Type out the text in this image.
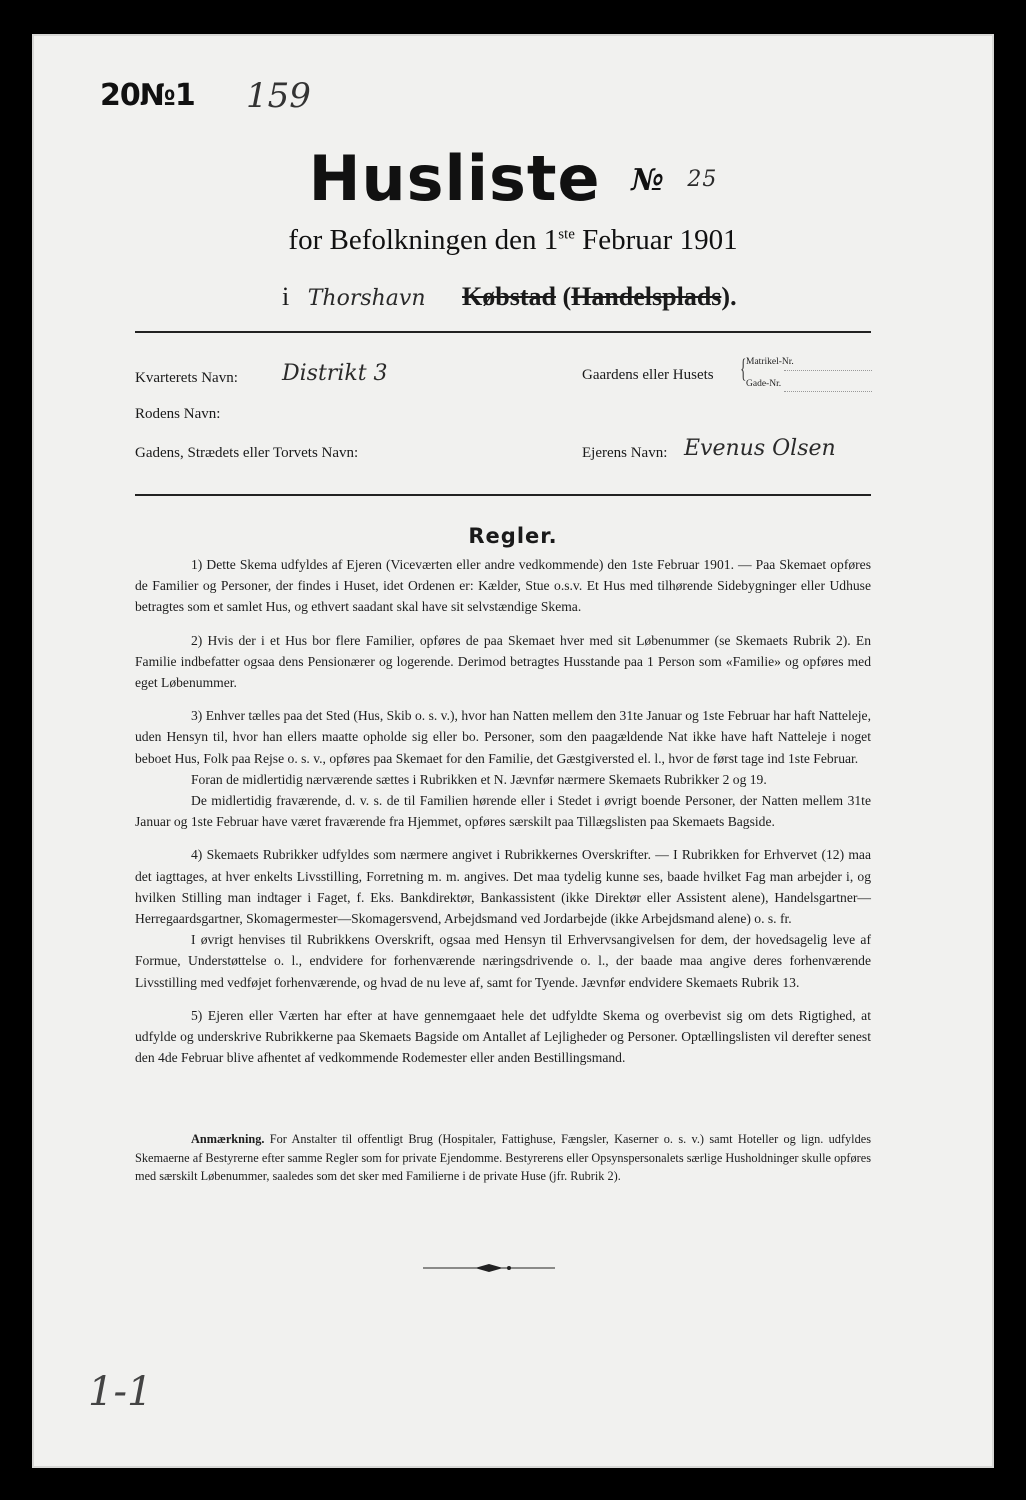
20№1 159
Husliste № $^{25}$
for Befolkningen den 1ste Februar 1901
i Thorshavn Købstad (Handelsplads).
Kvarterets Navn: Distrikt 3	Gaardens eller Husets { Matrikel-Nr.
Gade-Nr.
Rodens Navn:
Gadens, Strædets eller Torvets Navn:	Ejerens Navn: Evenus Olsen
Regler.

1) Dette Skema udfyldes af Ejeren (Viceværten eller andre vedkommende) den 1ste Februar 1901. — Paa Skemaet opføres de Familier og Personer, der findes i Huset, idet Ordenen er: Kælder, Stue o.s.v. Et Hus med tilhørende Sidebygninger eller Udhuse betragtes som et samlet Hus, og ethvert saadant skal have sit selvstændige Skema.

2) Hvis der i et Hus bor flere Familier, opføres de paa Skemaet hver med sit Løbenummer (se Skemaets Rubrik 2). En Familie indbefatter ogsaa dens Pensionærer og logerende. Derimod betragtes Husstande paa 1 Person som «Familie» og opføres med eget Løbenummer.

3) Enhver tælles paa det Sted (Hus, Skib o. s. v.), hvor han Natten mellem den 31te Januar og 1ste Februar har haft Natteleje, uden Hensyn til, hvor han ellers maatte opholde sig eller bo. Personer, som den paagældende Nat ikke have haft Natteleje i noget beboet Hus, Folk paa Rejse o. s. v., opføres paa Skemaet for den Familie, det Gæstgiversted el. l., hvor de først tage ind 1ste Februar.

Foran de midlertidig nærværende sættes i Rubrikken et N. Jævnfør nærmere Skemaets Rubrikker 2 og 19.

De midlertidig fraværende, d. v. s. de til Familien hørende eller i Stedet i øvrigt boende Personer, der Natten mellem 31te Januar og 1ste Februar have været fraværende fra Hjemmet, opføres særskilt paa Tillægslisten paa Skemaets Bagside.

4) Skemaets Rubrikker udfyldes som nærmere angivet i Rubrikkernes Overskrifter. — I Rubrikken for Erhvervet (12) maa det iagttages, at hver enkelts Livsstilling, Forretning m. m. angives. Det maa tydelig kunne ses, baade hvilket Fag man arbejder i, og hvilken Stilling man indtager i Faget, f. Eks. Bankdirektør, Bankassistent (ikke Direktør eller Assistent alene), Handelsgartner—Herregaardsgartner, Skomagermester—Skomagersvend, Arbejdsmand ved Jordarbejde (ikke Arbejdsmand alene) o. s. fr.

I øvrigt henvises til Rubrikkens Overskrift, ogsaa med Hensyn til Erhvervsangivelsen for dem, der hovedsagelig leve af Formue, Understøttelse o. l., endvidere for forhenværende næringsdrivende o. l., der baade maa angive deres forhenværende Livsstilling med vedføjet forhenværende, og hvad de nu leve af, samt for Tyende. Jævnfør endvidere Skemaets Rubrik 13.

5) Ejeren eller Værten har efter at have gennemgaaet hele det udfyldte Skema og overbevist sig om dets Rigtighed, at udfylde og underskrive Rubrikkerne paa Skemaets Bagside om Antallet af Lejligheder og Personer. Optællingslisten vil derefter senest den 4de Februar blive afhentet af vedkommende Rodemester eller anden Bestillingsmand.

Anmærkning. For Anstalter til offentligt Brug (Hospitaler, Fattighuse, Fængsler, Kaserner o. s. v.) samt Hoteller og lign. udfyldes Skemaerne af Bestyrerne efter samme Regler som for private Ejendomme. Bestyrerens eller Opsynspersonalets særlige Husholdninger skulle opføres med særskilt Løbenummer, saaledes som det sker med Familierne i de private Huse (jfr. Rubrik 2).

1-1
